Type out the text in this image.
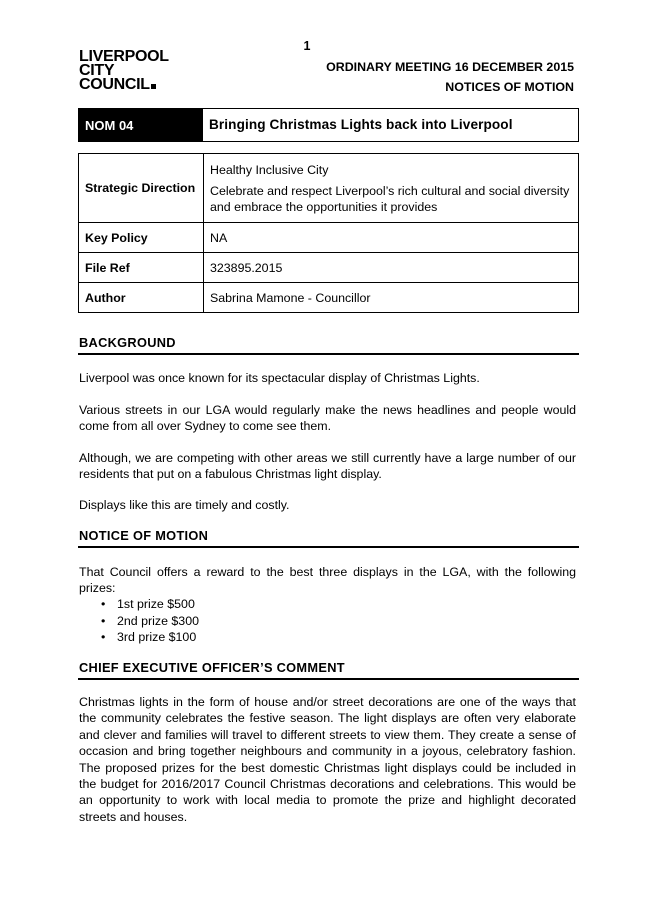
LIVERPOOL
CITY
COUNCIL
1
ORDINARY MEETING 16 DECEMBER 2015
NOTICES OF MOTION
NOM 04	Bringing Christmas Lights back into Liverpool
Strategic Direction	Healthy Inclusive City

Celebrate and respect Liverpool’s rich cultural and social diversity and embrace the opportunities it provides

Key Policy	NA
File Ref	323895.2015
Author	Sabrina Mamone - Councillor
BACKGROUND

Liverpool was once known for its spectacular display of Christmas Lights.

Various streets in our LGA would regularly make the news headlines and people would come from all over Sydney to come see them.

Although, we are competing with other areas we still currently have a large number of our residents that put on a fabulous Christmas light display.

Displays like this are timely and costly.

NOTICE OF MOTION

That Council offers a reward to the best three displays in the LGA, with the following prizes:

• 1st prize $500
• 2nd prize $300
• 3rd prize $100
CHIEF EXECUTIVE OFFICER’S COMMENT

Christmas lights in the form of house and/or street decorations are one of the ways that the community celebrates the festive season. The light displays are often very elaborate and clever and families will travel to different streets to view them. They create a sense of occasion and bring together neighbours and community in a joyous, celebratory fashion. The proposed prizes for the best domestic Christmas light displays could be included in the budget for 2016/2017 Council Christmas decorations and celebrations. This would be an opportunity to work with local media to promote the prize and highlight decorated streets and houses.
